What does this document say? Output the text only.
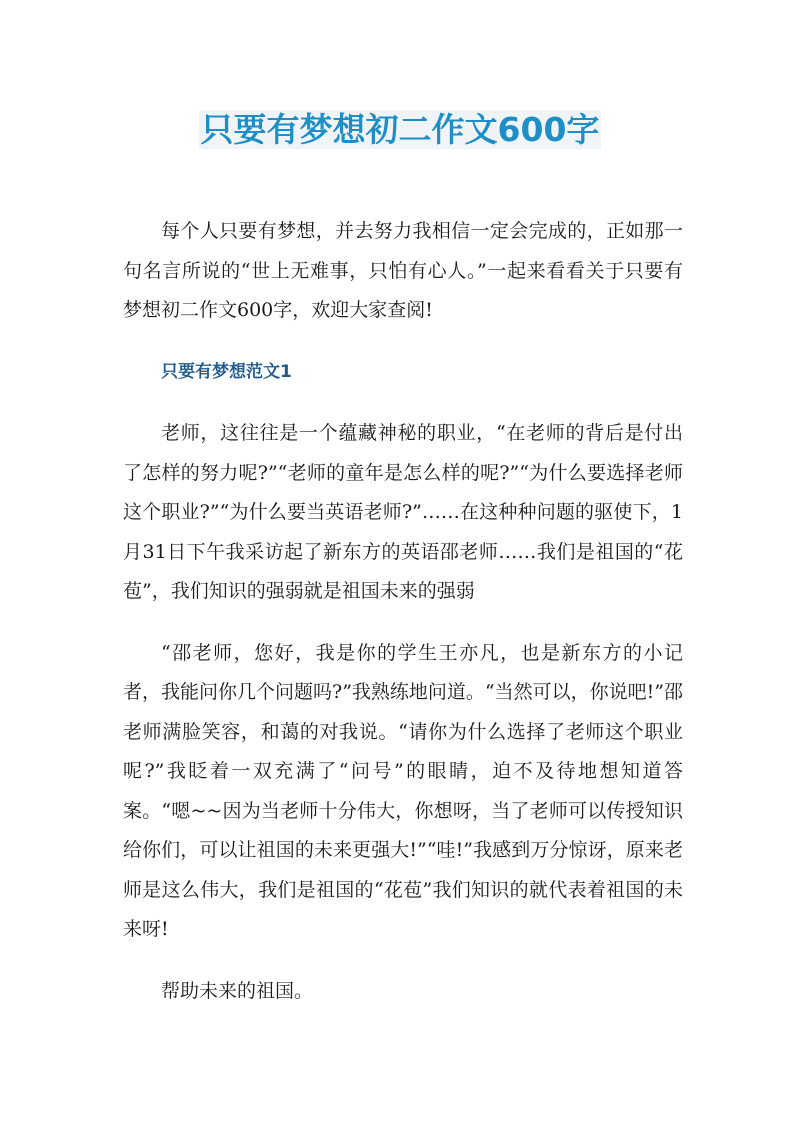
只要有梦想初二作文600字

每个人只要有梦想，并去努力我相信一定会完成的，正如那一句名言所说的“世上无难事，只怕有心人。”一起来看看关于只要有梦想初二作文600字，欢迎大家查阅!

只要有梦想范文1

老师，这往往是一个蕴藏神秘的职业，“在老师的背后是付出了怎样的努力呢?”“老师的童年是怎么样的呢?”“为什么要选择老师这个职业?”“为什么要当英语老师?”……在这种种问题的驱使下，1月31日下午我采访起了新东方的英语邵老师……我们是祖国的“花苞”，我们知识的强弱就是祖国未来的强弱

“邵老师，您好，我是你的学生王亦凡，也是新东方的小记者，我能问你几个问题吗?”我熟练地问道。“当然可以，你说吧!”邵老师满脸笑容，和蔼的对我说。“请你为什么选择了老师这个职业呢?”我眨着一双充满了“问号”的眼睛，迫不及待地想知道答案。“嗯~~因为当老师十分伟大，你想呀，当了老师可以传授知识给你们，可以让祖国的未来更强大!”“哇!”我感到万分惊讶，原来老师是这么伟大，我们是祖国的“花苞”我们知识的就代表着祖国的未来呀!

帮助未来的祖国。
